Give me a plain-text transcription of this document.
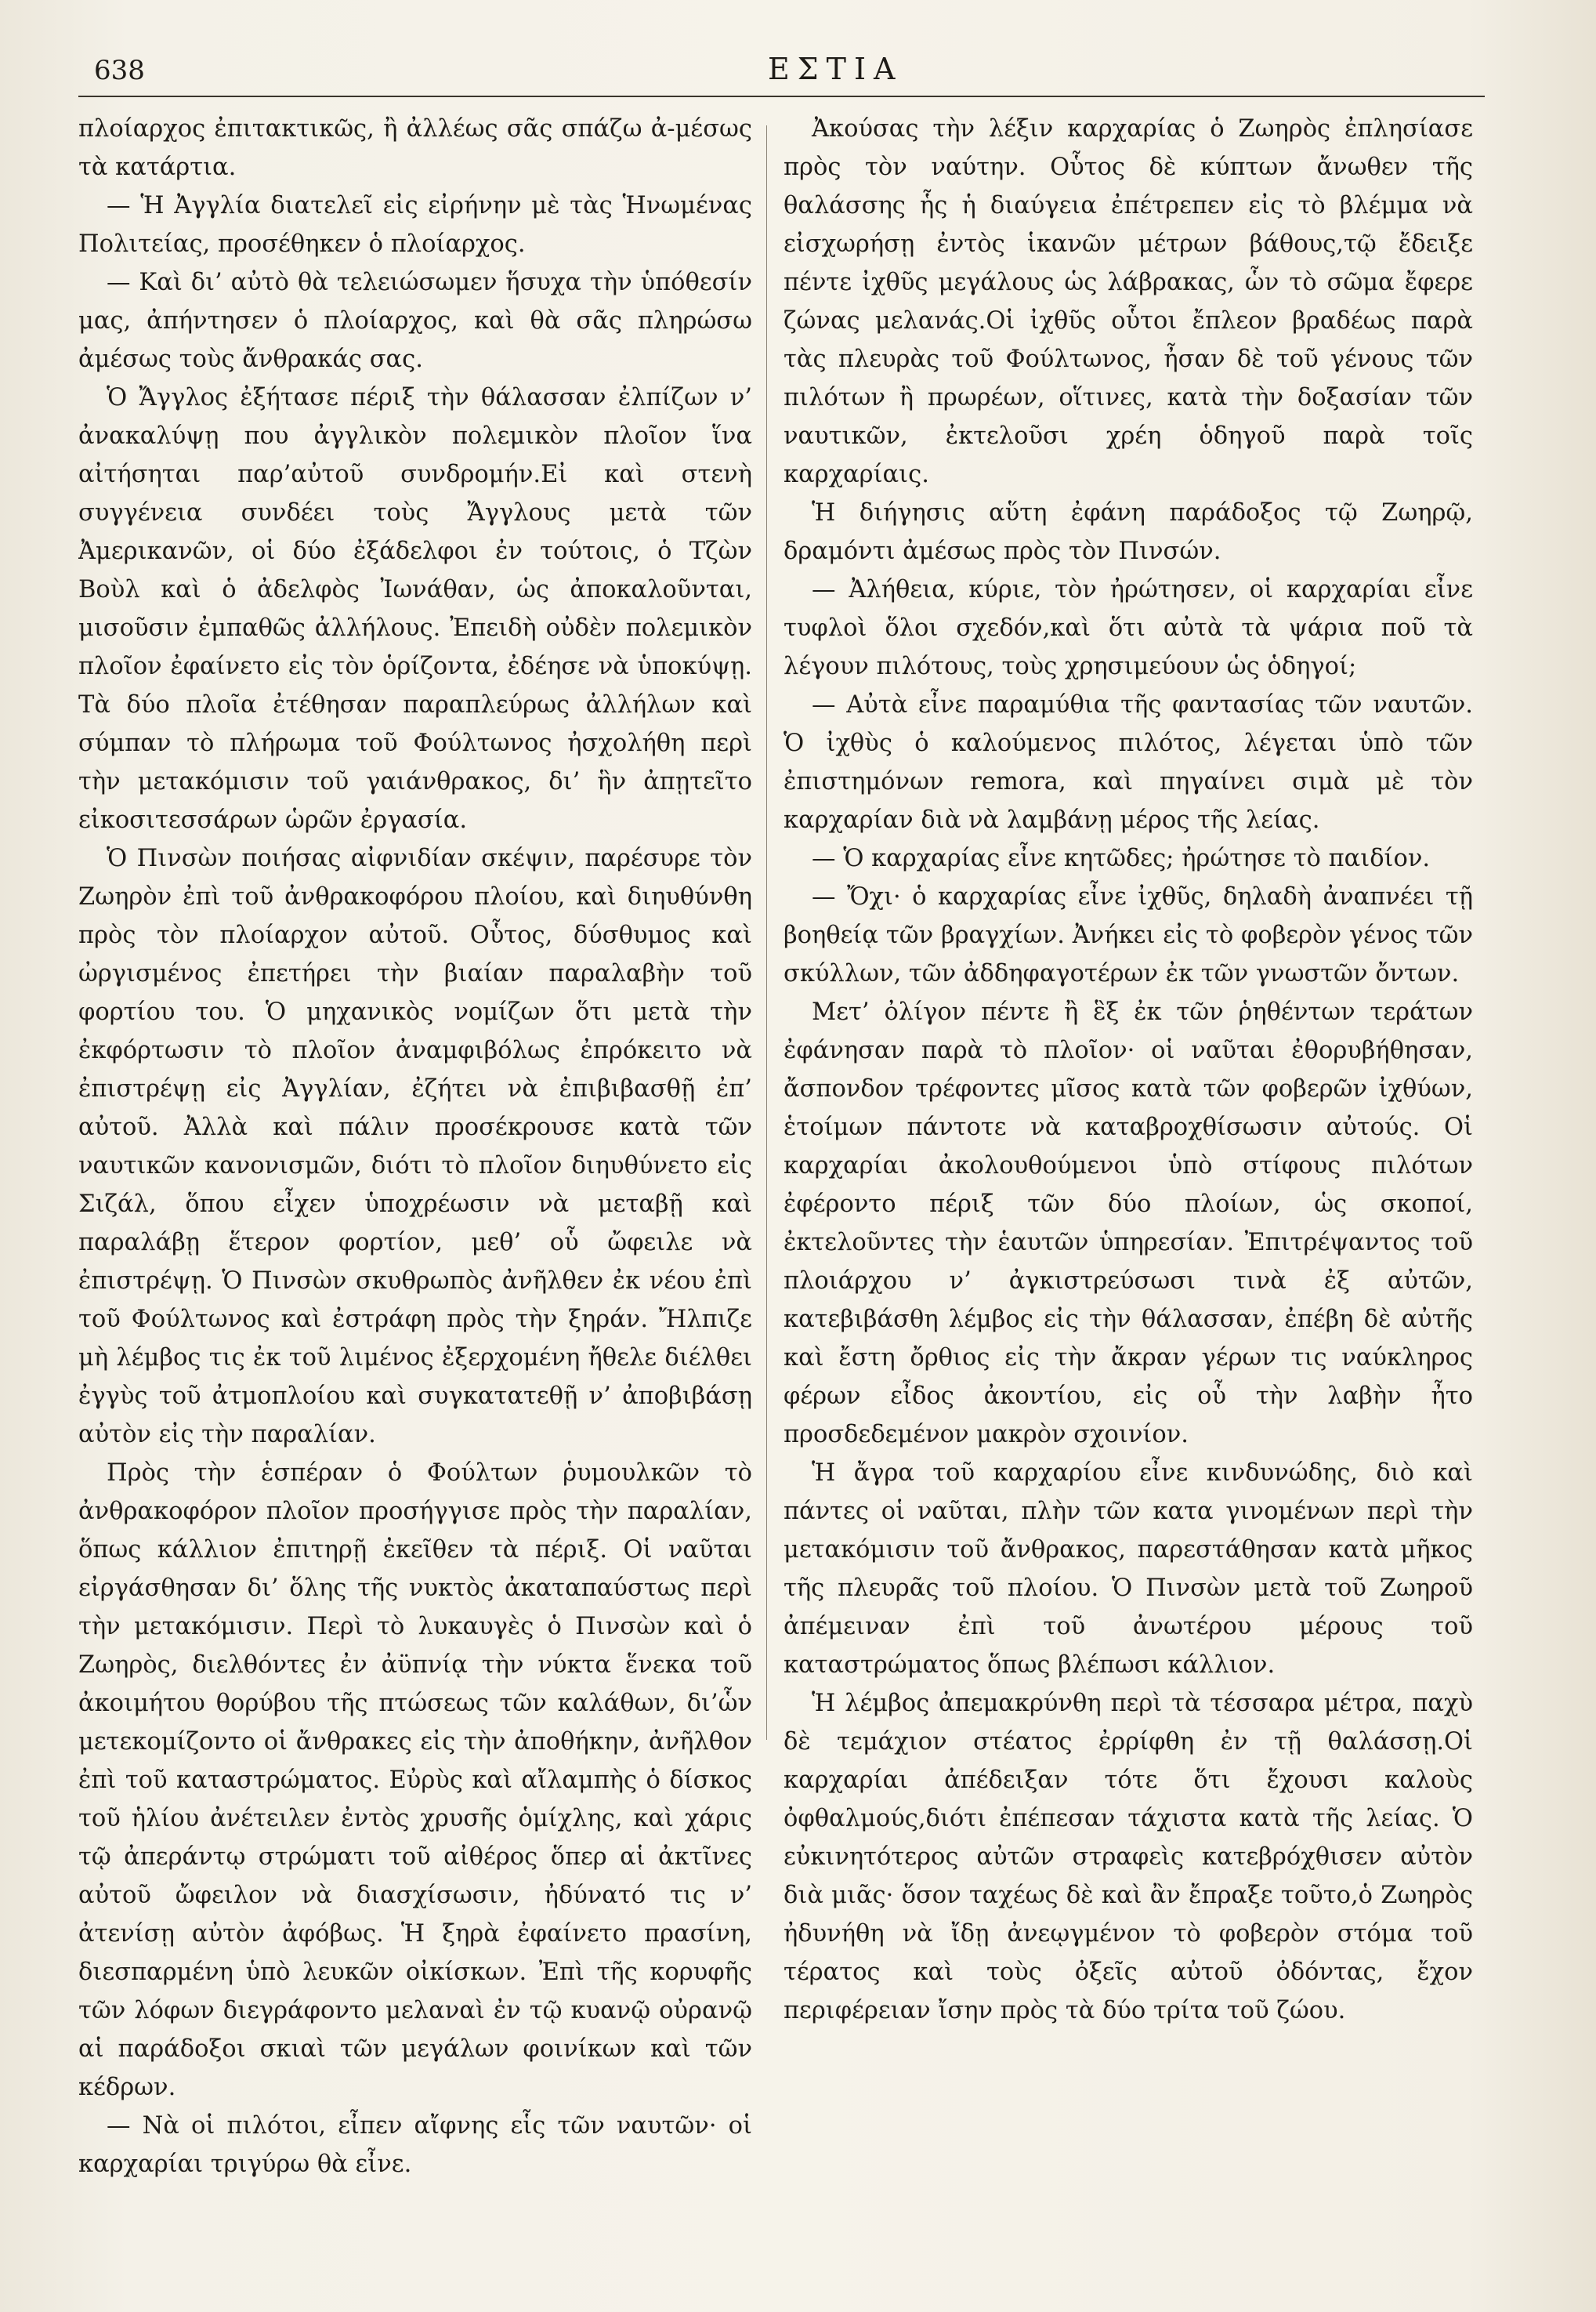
638	ΕΣΤΙΑ

πλοίαρχος ἐπιτακτικῶς, ἢ ἀλλέως σᾶς σπάζω ἀ-μέσως τὰ κατάρτια.

— Ἡ Ἀγγλία διατελεῖ εἰς εἰρήνην μὲ τὰς Ἡνωμένας Πολιτείας, προσέθηκεν ὁ πλοίαρχος.

— Καὶ δι’ αὐτὸ θὰ τελειώσωμεν ἥσυχα τὴν ὑπόθεσίν μας, ἀπήντησεν ὁ πλοίαρχος, καὶ θὰ σᾶς πληρώσω ἀμέσως τοὺς ἄνθρακάς σας.

Ὁ Ἄγγλος ἐξήτασε πέριξ τὴν θάλασσαν ἐλπίζων ν’ ἀνακαλύψῃ που ἀγγλικὸν πολεμικὸν πλοῖον ἵνα αἰτήσηται παρ’αὐτοῦ συνδρομήν.Εἰ καὶ στενὴ συγγένεια συνδέει τοὺς Ἄγγλους μετὰ τῶν Ἀμερικανῶν, οἱ δύο ἐξάδελφοι ἐν τούτοις, ὁ Τζὼν Βοὺλ καὶ ὁ ἀδελφὸς Ἰωνάθαν, ὡς ἀποκαλοῦνται, μισοῦσιν ἐμπαθῶς ἀλλήλους. Ἐπειδὴ οὐδὲν πολεμικὸν πλοῖον ἐφαίνετο εἰς τὸν ὁρίζοντα, ἐδέησε νὰ ὑποκύψῃ. Τὰ δύο πλοῖα ἐτέθησαν παραπλεύρως ἀλλήλων καὶ σύμπαν τὸ πλήρωμα τοῦ Φούλτωνος ἠσχολήθη περὶ τὴν μετακόμισιν τοῦ γαιάνθρακος, δι’ ἣν ἀπῃτεῖτο εἰκοσιτεσσάρων ὡρῶν ἐργασία.

Ὁ Πινσὼν ποιήσας αἰφνιδίαν σκέψιν, παρέσυρε τὸν Ζωηρὸν ἐπὶ τοῦ ἀνθρακοφόρου πλοίου, καὶ διηυθύνθη πρὸς τὸν πλοίαρχον αὐτοῦ. Οὗτος, δύσθυμος καὶ ὠργισμένος ἐπετήρει τὴν βιαίαν παραλαβὴν τοῦ φορτίου του. Ὁ μηχανικὸς νομίζων ὅτι μετὰ τὴν ἐκφόρτωσιν τὸ πλοῖον ἀναμφιβόλως ἐπρόκειτο νὰ ἐπιστρέψῃ εἰς Ἀγγλίαν, ἐζήτει νὰ ἐπιβιβασθῇ ἐπ’ αὐτοῦ. Ἀλλὰ καὶ πάλιν προσέκρουσε κατὰ τῶν ναυτικῶν κανονισμῶν, διότι τὸ πλοῖον διηυθύνετο εἰς Σιζάλ, ὅπου εἶχεν ὑποχρέωσιν νὰ μεταβῇ καὶ παραλάβῃ ἕτερον φορτίον, μεθ’ οὗ ὤφειλε νὰ ἐπιστρέψῃ. Ὁ Πινσὼν σκυθρωπὸς ἀνῆλθεν ἐκ νέου ἐπὶ τοῦ Φούλτωνος καὶ ἐστράφη πρὸς τὴν ξηράν. Ἤλπιζε μὴ λέμβος τις ἐκ τοῦ λιμένος ἐξερχομένη ἤθελε διέλθει ἐγγὺς τοῦ ἀτμοπλοίου καὶ συγκατατεθῇ ν’ ἀποβιβάσῃ αὐτὸν εἰς τὴν παραλίαν.

Πρὸς τὴν ἑσπέραν ὁ Φούλτων ῥυμουλκῶν τὸ ἀνθρακοφόρον πλοῖον προσήγγισε πρὸς τὴν παραλίαν, ὅπως κάλλιον ἐπιτηρῇ ἐκεῖθεν τὰ πέριξ. Οἱ ναῦται εἰργάσθησαν δι’ ὅλης τῆς νυκτὸς ἀκαταπαύστως περὶ τὴν μετακόμισιν. Περὶ τὸ λυκαυγὲς ὁ Πινσὼν καὶ ὁ Ζωηρὸς, διελθόντες ἐν ἀϋπνίᾳ τὴν νύκτα ἕνεκα τοῦ ἀκοιμήτου θορύβου τῆς πτώσεως τῶν καλάθων, δι’ὧν μετεκομίζοντο οἱ ἄνθρακες εἰς τὴν ἀποθήκην, ἀνῆλθον ἐπὶ τοῦ καταστρώματος. Εὐρὺς καὶ αἴλαμπὴς ὁ δίσκος τοῦ ἡλίου ἀνέτειλεν ἐντὸς χρυσῆς ὁμίχλης, καὶ χάρις τῷ ἀπεράντῳ στρώματι τοῦ αἰθέρος ὅπερ αἱ ἀκτῖνες αὐτοῦ ὤφειλον νὰ διασχίσωσιν, ἠδύνατό τις ν’ ἀτενίσῃ αὐτὸν ἀφόβως. Ἡ ξηρὰ ἐφαίνετο πρασίνη, διεσπαρμένη ὑπὸ λευκῶν οἰκίσκων. Ἐπὶ τῆς κορυφῆς τῶν λόφων διεγράφοντο μελαναὶ ἐν τῷ κυανῷ οὐρανῷ αἱ παράδοξοι σκιαὶ τῶν μεγάλων φοινίκων καὶ τῶν κέδρων.

— Νὰ οἱ πιλότοι, εἶπεν αἴφνης εἷς τῶν ναυτῶν· οἱ καρχαρίαι τριγύρω θὰ εἶνε.

Ἀκούσας τὴν λέξιν καρχαρίας ὁ Ζωηρὸς ἐπλησίασε πρὸς τὸν ναύτην. Οὗτος δὲ κύπτων ἄνωθεν τῆς θαλάσσης ἧς ἡ διαύγεια ἐπέτρεπεν εἰς τὸ βλέμμα νὰ εἰσχωρήσῃ ἐντὸς ἱκανῶν μέτρων βάθους,τῷ ἔδειξε πέντε ἰχθῦς μεγάλους ὡς λάβρακας, ὧν τὸ σῶμα ἔφερε ζώνας μελανάς.Οἱ ἰχθῦς οὗτοι ἔπλεον βραδέως παρὰ τὰς πλευρὰς τοῦ Φούλτωνος, ἦσαν δὲ τοῦ γένους τῶν πιλότων ἢ πρωρέων, οἵτινες, κατὰ τὴν δοξασίαν τῶν ναυτικῶν, ἐκτελοῦσι χρέη ὁδηγοῦ παρὰ τοῖς καρχαρίαις.

Ἡ διήγησις αὕτη ἐφάνη παράδοξος τῷ Ζωηρῷ, δραμόντι ἀμέσως πρὸς τὸν Πινσών.

— Ἀλήθεια, κύριε, τὸν ἠρώτησεν, οἱ καρχαρίαι εἶνε τυφλοὶ ὅλοι σχεδόν,καὶ ὅτι αὐτὰ τὰ ψάρια ποῦ τὰ λέγουν πιλότους, τοὺς χρησιμεύουν ὡς ὁδηγοί;

— Αὐτὰ εἶνε παραμύθια τῆς φαντασίας τῶν ναυτῶν. Ὁ ἰχθὺς ὁ καλούμενος πιλότος, λέγεται ὑπὸ τῶν ἐπιστημόνων remora, καὶ πηγαίνει σιμὰ μὲ τὸν καρχαρίαν διὰ νὰ λαμβάνῃ μέρος τῆς λείας.

— Ὁ καρχαρίας εἶνε κητῶδες; ἠρώτησε τὸ παιδίον.

— Ὄχι· ὁ καρχαρίας εἶνε ἰχθῦς, δηλαδὴ ἀναπνέει τῇ βοηθείᾳ τῶν βραγχίων. Ἀνήκει εἰς τὸ φοβερὸν γένος τῶν σκύλλων, τῶν ἀδδηφαγοτέρων ἐκ τῶν γνωστῶν ὄντων.

Μετ’ ὀλίγον πέντε ἢ ἓξ ἐκ τῶν ῥηθέντων τεράτων ἐφάνησαν παρὰ τὸ πλοῖον· οἱ ναῦται ἐθορυβήθησαν, ἄσπονδον τρέφοντες μῖσος κατὰ τῶν φοβερῶν ἰχθύων, ἑτοίμων πάντοτε νὰ καταβροχθίσωσιν αὐτούς. Οἱ καρχαρίαι ἀκολουθούμενοι ὑπὸ στίφους πιλότων ἐφέροντο πέριξ τῶν δύο πλοίων, ὡς σκοποί, ἐκτελοῦντες τὴν ἑαυτῶν ὑπηρεσίαν. Ἐπιτρέψαντος τοῦ πλοιάρχου ν’ ἀγκιστρεύσωσι τινὰ ἐξ αὐτῶν, κατεβιβάσθη λέμβος εἰς τὴν θάλασσαν, ἐπέβη δὲ αὐτῆς καὶ ἔστη ὄρθιος εἰς τὴν ἄκραν γέρων τις ναύκληρος φέρων εἶδος ἀκοντίου, εἰς οὗ τὴν λαβὴν ἦτο προσδεδεμένον μακρὸν σχοινίον.

Ἡ ἄγρα τοῦ καρχαρίου εἶνε κινδυνώδης, διὸ καὶ πάντες οἱ ναῦται, πλὴν τῶν κατα γινομένων περὶ τὴν μετακόμισιν τοῦ ἄνθρακος, παρεστάθησαν κατὰ μῆκος τῆς πλευρᾶς τοῦ πλοίου. Ὁ Πινσὼν μετὰ τοῦ Ζωηροῦ ἀπέμειναν ἐπὶ τοῦ ἀνωτέρου μέρους τοῦ καταστρώματος ὅπως βλέπωσι κάλλιον.

Ἡ λέμβος ἀπεμακρύνθη περὶ τὰ τέσσαρα μέτρα, παχὺ δὲ τεμάχιον στέατος ἐρρίφθη ἐν τῇ θαλάσσῃ.Οἱ καρχαρίαι ἀπέδειξαν τότε ὅτι ἔχουσι καλοὺς ὀφθαλμούς,διότι ἐπέπεσαν τάχιστα κατὰ τῆς λείας. Ὁ εὐκινητότερος αὐτῶν στραφεὶς κατεβρόχθισεν αὐτὸν διὰ μιᾶς· ὅσον ταχέως δὲ καὶ ἂν ἔπραξε τοῦτο,ὁ Ζωηρὸς ἠδυνήθη νὰ ἴδῃ ἀνεῳγμένον τὸ φοβερὸν στόμα τοῦ τέρατος καὶ τοὺς ὀξεῖς αὐτοῦ ὀδόντας, ἔχον περιφέρειαν ἴσην πρὸς τὰ δύο τρίτα τοῦ ζώου.
